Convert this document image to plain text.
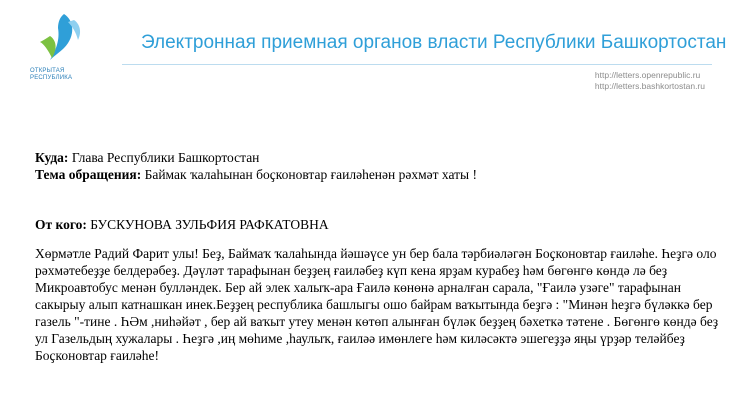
ОТКРЫТАЯ
РЕСПУБЛИКА
Электронная приемная органов власти Республики Башкортостан
http://letters.openrepublic.ru
http://letters.bashkortostan.ru
Куда: Глава Республики Башкортостан
Тема обращения: Баймак ҡалаһынан боҫконовтар ғаиләһенән рәхмәт хаты !
От кого: БУСКУНОВА ЗУЛЬФИЯ РАФКАТОВНА
Хөрмәтле Радий Фарит улы! Беҙ, Баймаҡ ҡалаһында йәшәүсе ун бер бала тәрбиәләгән Боҫконовтар ғаиләһе. Һеҙгә оло
рәхмәтебеҙҙе белдерәбеҙ. Дәүләт тарафынан беҙҙең ғаиләбеҙ күп кена ярҙам курабеҙ һәм бөгөнгө көндә лә беҙ
Микроавтобус менән булләндек. Бер ай элек халыҡ-ара Ғаилә көнөнә арналған сарала, "Ғаилә узәге" тарафынан
сакырыу алып катнашкан инек.Беҙҙең республика башлыгы ошо байрам ваҡытында беҙгә : "Минән һеҙгә бүләккә бер
газель "-тине . ҺӘм ,ниһәйәт , бер ай ваҡыт утеу менән көтөп алынған бүләк беҙҙең бәхеткә тәтене . Бөгөнгө көндә беҙ
ул Газельдың хужалары . Һеҙгә ,иң мөһиме ,һаулыҡ, ғаиләә имөнлеге һәм киләсәктә эшегеҙҙә яңы үрҙәр теләйбеҙ
Боҫконовтар ғаиләһе!
